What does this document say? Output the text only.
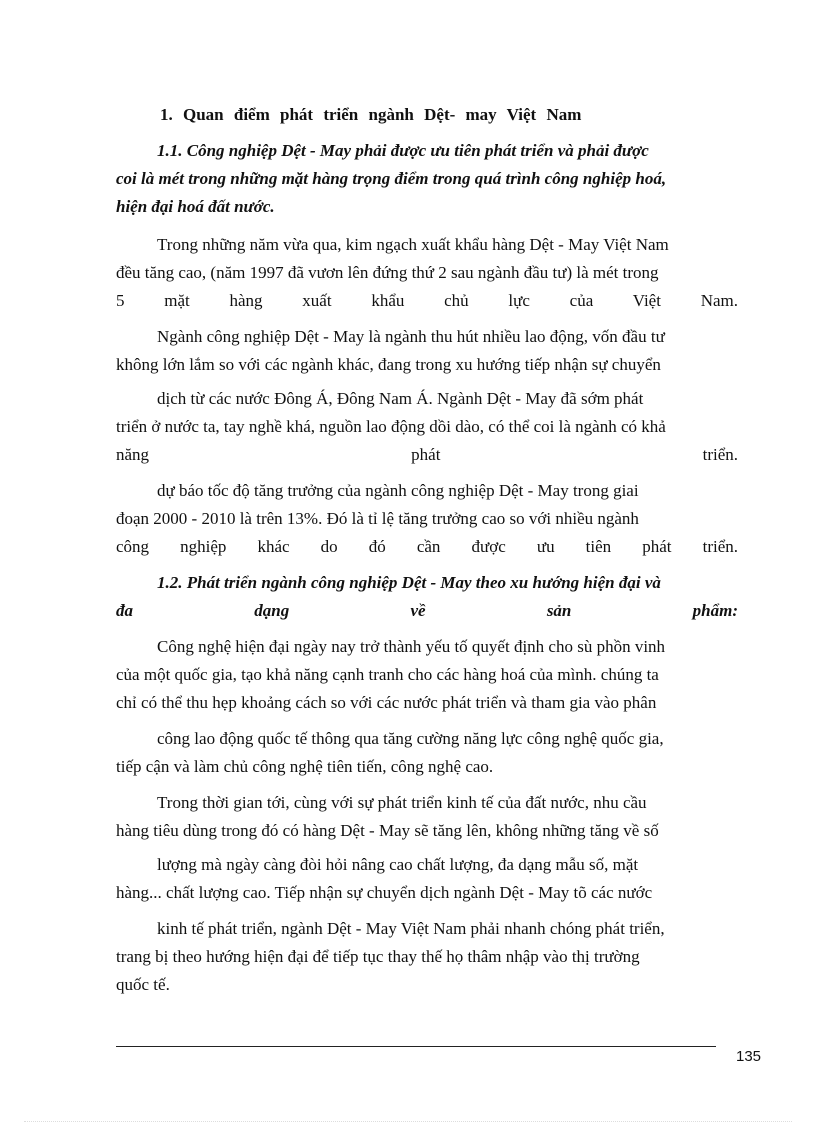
1. Quan điểm phát triển ngành Dệt- may Việt Nam
1.1. Công nghiệp Dệt - May phải được ưu tiên phát triển và phải được
coi là mét trong những mặt hàng trọng điểm trong quá trình công nghiệp hoá,
hiện đại hoá đất nước.
Trong những năm vừa qua, kim ngạch xuất khẩu hàng Dệt - May Việt Nam
đều tăng cao, (năm 1997 đã vươn lên đứng thứ 2 sau ngành đầu tư) là mét trong
5 mặt hàng xuất khẩu chủ lực của Việt Nam.
Ngành công nghiệp Dệt - May là ngành thu hút nhiều lao động, vốn đầu tư
không lớn lắm so với các ngành khác, đang trong xu hướng tiếp nhận sự chuyển
dịch từ các nước Đông Á, Đông Nam Á. Ngành Dệt - May đã sớm phát
triển ở nước ta, tay nghề khá, nguồn lao động dồi dào, có thể coi là ngành có khả
năng phát triển.
dự báo tốc độ tăng trưởng của ngành công nghiệp Dệt - May trong giai
đoạn 2000 - 2010 là trên 13%. Đó là tỉ lệ tăng trưởng cao so với nhiều ngành
công nghiệp khác do đó cần được ưu tiên phát triển.
1.2. Phát triển ngành công nghiệp Dệt - May theo xu hướng hiện đại và
đa dạng về sản phẩm:
Công nghệ hiện đại ngày nay trở thành yếu tố quyết định cho sù phồn vinh
của một quốc gia, tạo khả năng cạnh tranh cho các hàng hoá của mình. chúng ta
chỉ có thể thu hẹp khoảng cách so với các nước phát triển và tham gia vào phân
công lao động quốc tế thông qua tăng cường năng lực công nghệ quốc gia,
tiếp cận và làm chủ công nghệ tiên tiến, công nghệ cao.
Trong thời gian tới, cùng với sự phát triển kinh tế của đất nước, nhu cầu
hàng tiêu dùng trong đó có hàng Dệt - May sẽ tăng lên, không những tăng về số
lượng mà ngày càng đòi hỏi nâng cao chất lượng, đa dạng mẫu số, mặt
hàng... chất lượng cao. Tiếp nhận sự chuyển dịch ngành Dệt - May tõ các nước
kinh tế phát triển, ngành Dệt - May Việt Nam phải nhanh chóng phát triển,
trang bị theo hướng hiện đại để tiếp tục thay thế họ thâm nhập vào thị trường
quốc tế.
135
